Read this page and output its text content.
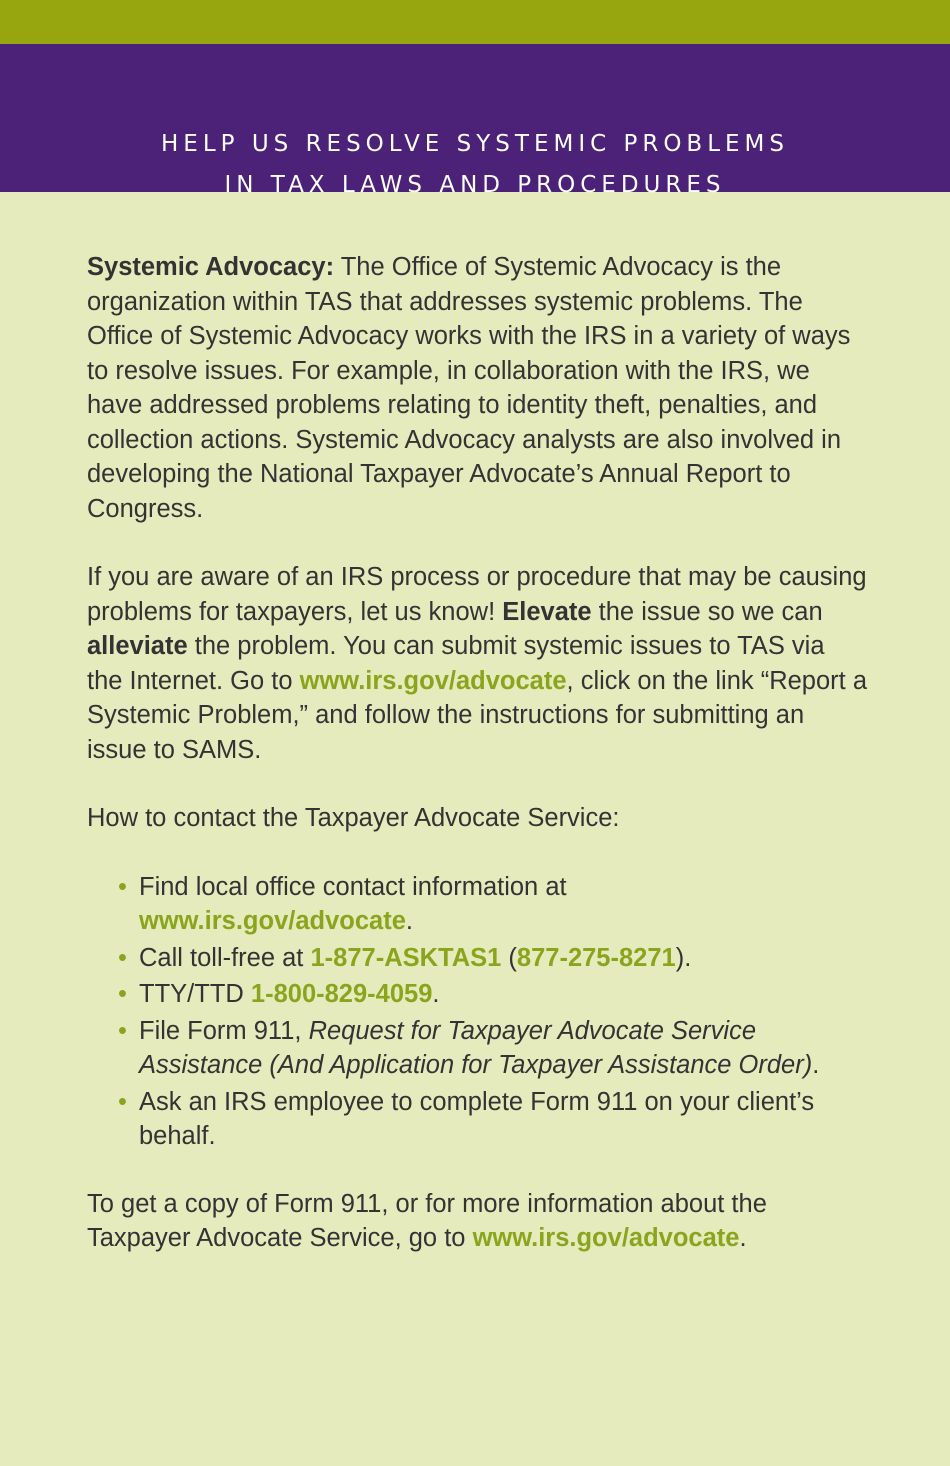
HELP US RESOLVE SYSTEMIC PROBLEMS
IN TAX LAWS AND PROCEDURES

Systemic Advocacy: The Office of Systemic Advocacy is the organization within TAS that addresses systemic problems. The Office of Systemic Advocacy works with the IRS in a variety of ways to resolve issues. For example, in collaboration with the IRS, we have addressed problems relating to identity theft, penalties, and collection actions. Systemic Advocacy analysts are also involved in developing the National Taxpayer Advocate’s Annual Report to Congress.

If you are aware of an IRS process or procedure that may be causing problems for taxpayers, let us know! Elevate the issue so we can alleviate the problem. You can submit systemic issues to TAS via the Internet. Go to www.irs.gov/advocate, click on the link “Report a Systemic Problem,” and follow the instructions for submitting an issue to SAMS.

How to contact the Taxpayer Advocate Service:

• Find local office contact information at
www.irs.gov/advocate.
• Call toll-free at 1-877-ASKTAS1 (877-275-8271).
• TTY/TTD 1-800-829-4059.
• File Form 911, Request for Taxpayer Advocate Service Assistance (And Application for Taxpayer Assistance Order).
• Ask an IRS employee to complete Form 911 on your client’s behalf.

To get a copy of Form 911, or for more information about the Taxpayer Advocate Service, go to www.irs.gov/advocate.
